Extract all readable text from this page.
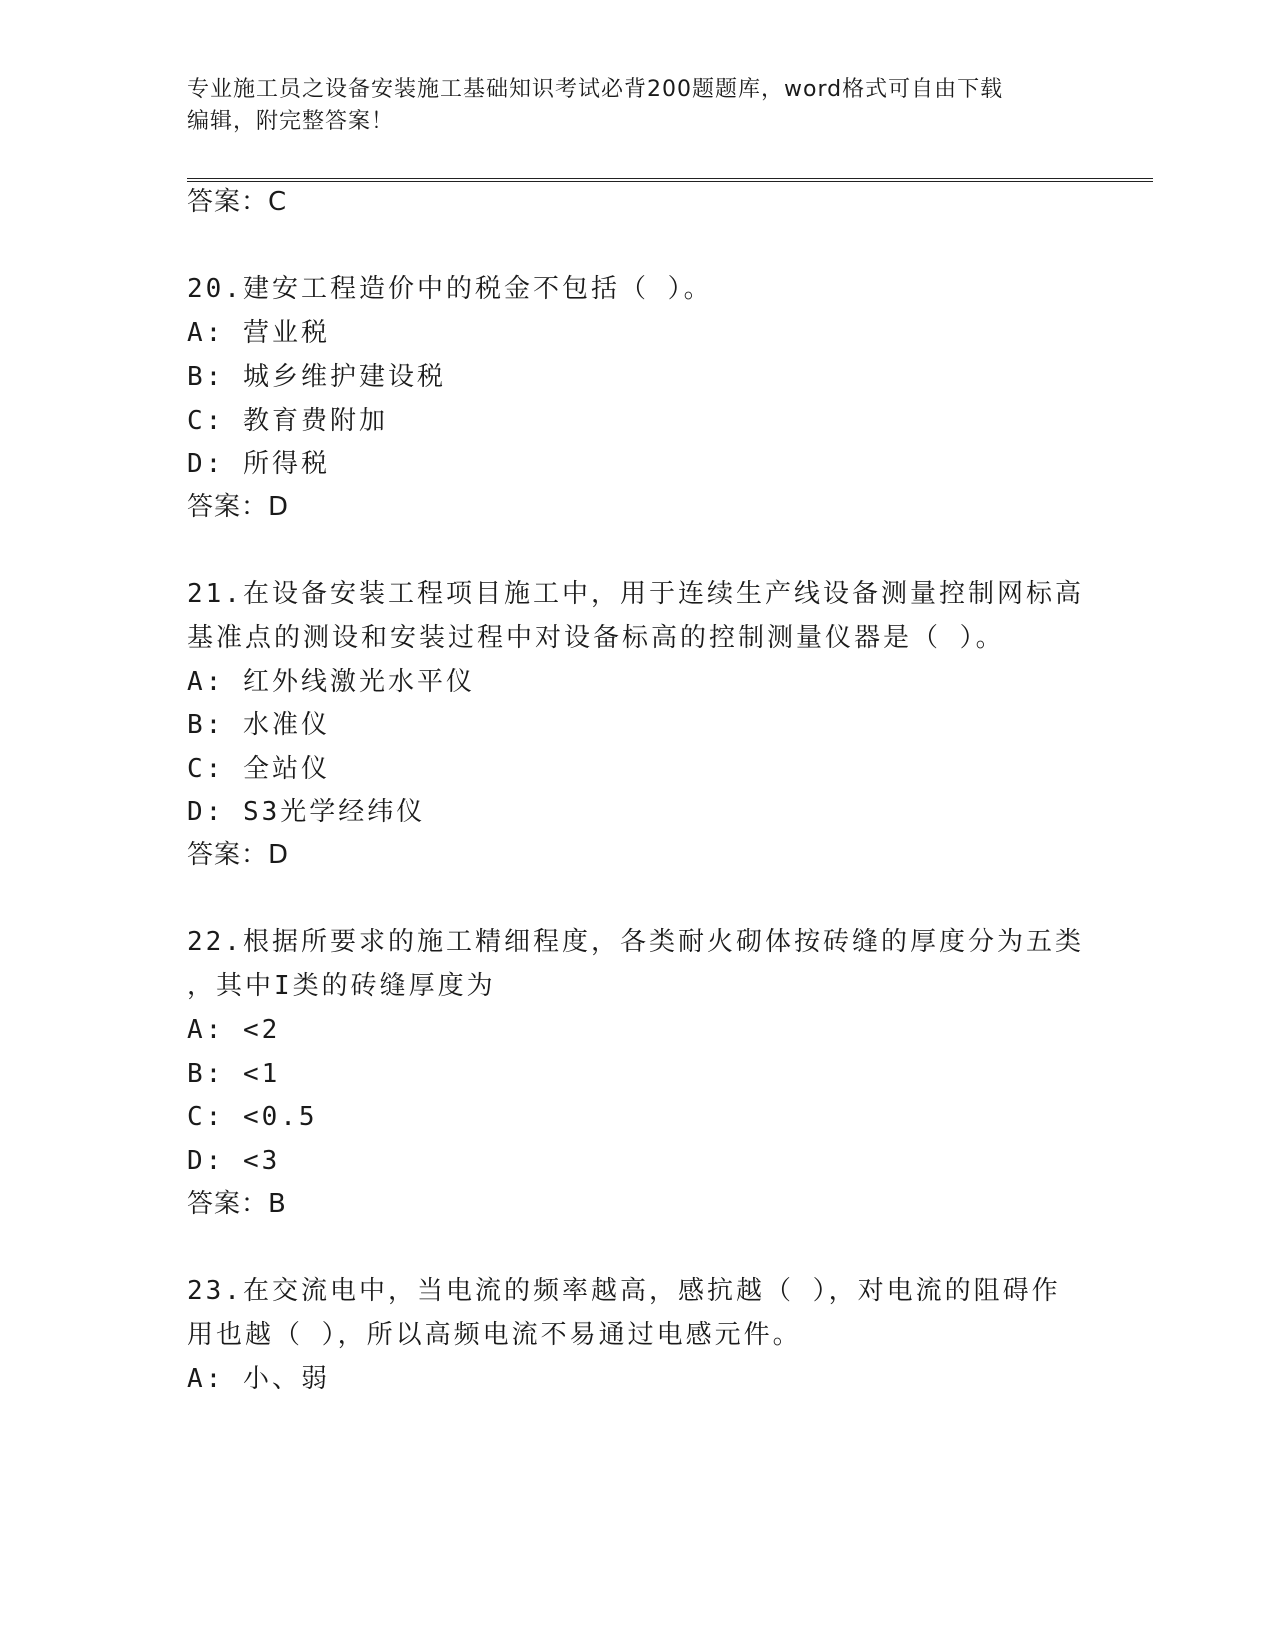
专业施工员之设备安装施工基础知识考试必背200题题库，word格式可自由下载
编辑，附完整答案！
答案：C
20.建安工程造价中的税金不包括（ ）。
A: 营业税
B: 城乡维护建设税
C: 教育费附加
D: 所得税
答案：D
21.在设备安装工程项目施工中，用于连续生产线设备测量控制网标高
基准点的测设和安装过程中对设备标高的控制测量仪器是（ ）。
A: 红外线激光水平仪
B: 水准仪
C: 全站仪
D: S3光学经纬仪
答案：D
22.根据所要求的施工精细程度，各类耐火砌体按砖缝的厚度分为五类
，其中I类的砖缝厚度为
A: <2
B: <1
C: <0.5
D: <3
答案：B
23.在交流电中，当电流的频率越高，感抗越（ ），对电流的阻碍作
用也越（ ），所以高频电流不易通过电感元件。
A: 小、弱
